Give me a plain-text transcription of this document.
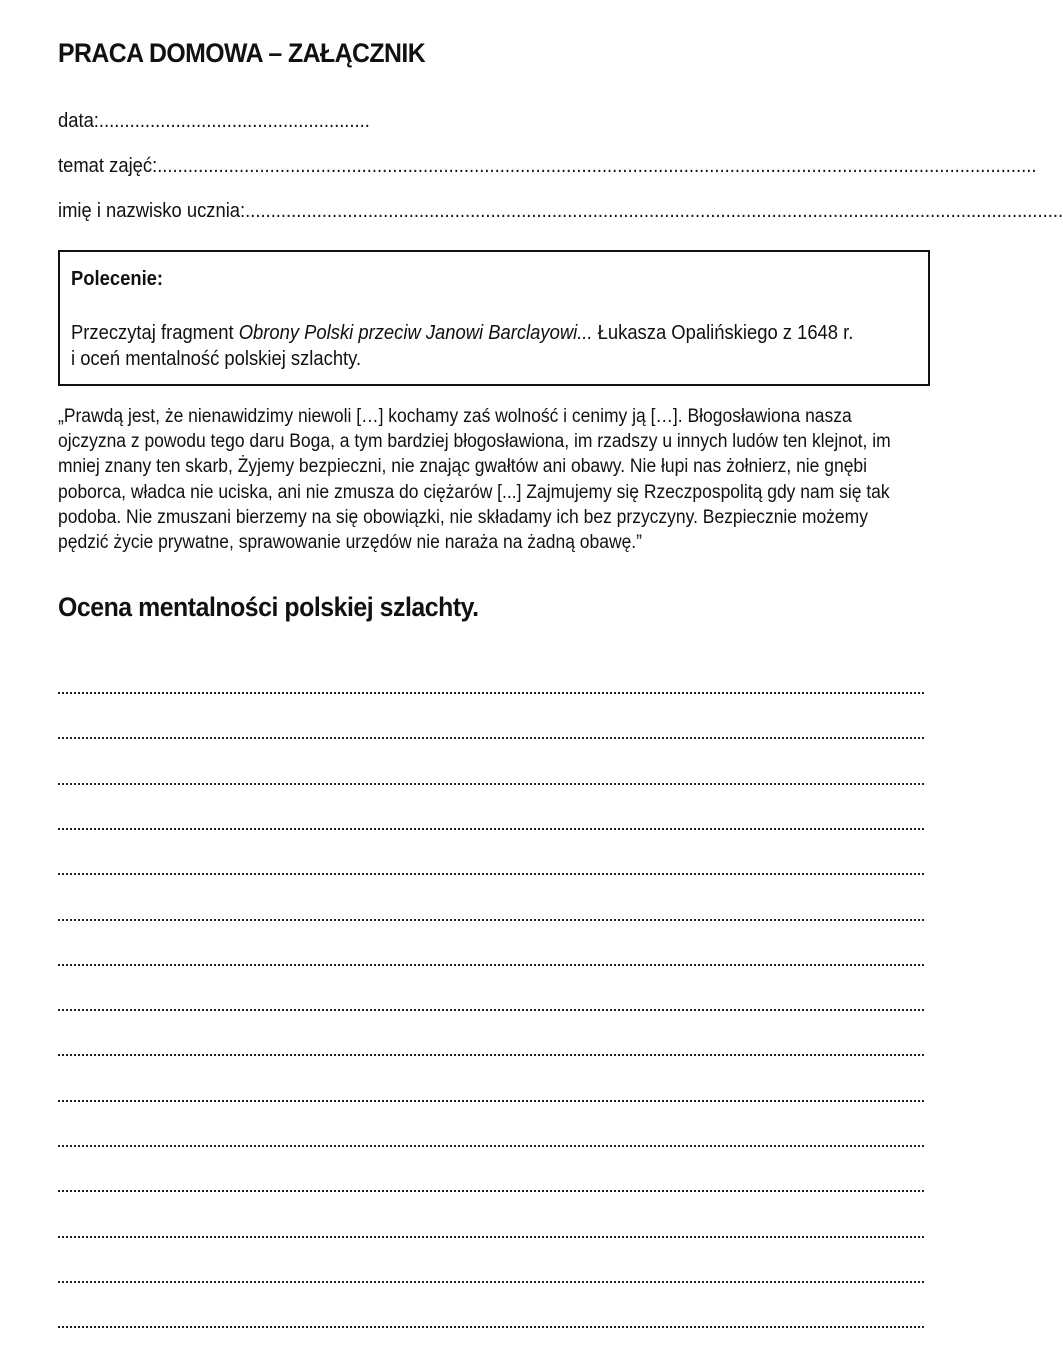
PRACA DOMOWA – ZAŁĄCZNIK
data:.....................................................
temat zajęć:............................................................................................................................................................................
imię i nazwisko ucznia:................................................................................................................................................................
Polecenie:
Przeczytaj fragment Obrony Polski przeciw Janowi Barclayowi... Łukasza Opalińskiego z 1648 r.
i oceń mentalność polskiej szlachty.
„Prawdą jest, że nienawidzimy niewoli […] kochamy zaś wolność i cenimy ją […]. Błogosławiona nasza ojczyzna z powodu tego daru Boga, a tym bardziej błogosławiona, im rzadszy u innych ludów ten klejnot, im mniej znany ten skarb, Żyjemy bezpieczni, nie znając gwałtów ani obawy. Nie łupi nas żołnierz, nie gnębi poborca, władca nie uciska, ani nie zmusza do ciężarów [...] Zajmujemy się Rzeczpospolitą gdy nam się tak podoba. Nie zmuszani bierzemy na się obowiązki, nie składamy ich bez przyczyny. Bezpiecznie możemy pędzić życie prywatne, sprawowanie urzędów nie naraża na żadną obawę.”
Ocena mentalności polskiej szlachty.
